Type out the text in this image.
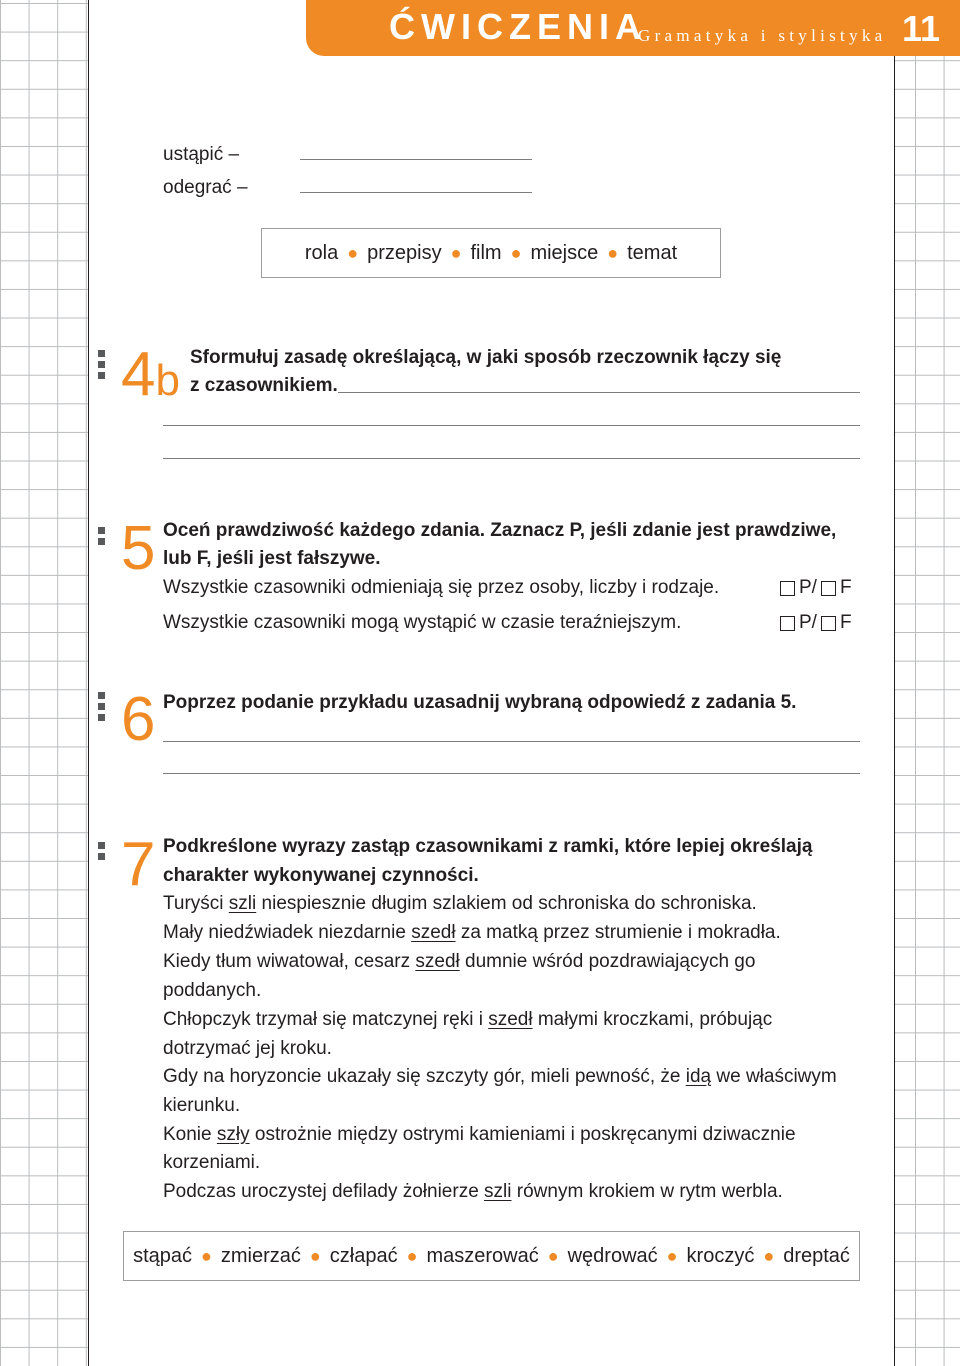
ĆWICZENIA
Gramatyka i stylistyka 11
ustąpić –
odegrać –
rola ● przepisy ● film ● miejsce ● temat
4b Sformułuj zasadę określającą, w jaki sposób rzeczownik łączy się
z czasownikiem.
5 Oceń prawdziwość każdego zdania. Zaznacz P, jeśli zdanie jest prawdziwe,
lub F, jeśli jest fałszywe.
Wszystkie czasowniki odmieniają się przez osoby, liczby i rodzaje.	P/ F
Wszystkie czasowniki mogą wystąpić w czasie teraźniejszym.	P/ F
6 Poprzez podanie przykładu uzasadnij wybraną odpowiedź z zadania 5.
7 Podkreślone wyrazy zastąp czasownikami z ramki, które lepiej określają
charakter wykonywanej czynności.
Turyści szli niespiesznie długim szlakiem od schroniska do schroniska.
Mały niedźwiadek niezdarnie szedł za matką przez strumienie i mokradła.
Kiedy tłum wiwatował, cesarz szedł dumnie wśród pozdrawiających go
poddanych.
Chłopczyk trzymał się matczynej ręki i szedł małymi kroczkami, próbując
dotrzymać jej kroku.
Gdy na horyzoncie ukazały się szczyty gór, mieli pewność, że idą we właściwym
kierunku.
Konie szły ostrożnie między ostrymi kamieniami i poskręcanymi dziwacznie
korzeniami.
Podczas uroczystej defilady żołnierze szli równym krokiem w rytm werbla.
stąpać ● zmierzać ● człapać ● maszerować ● wędrować ● kroczyć ● dreptać
